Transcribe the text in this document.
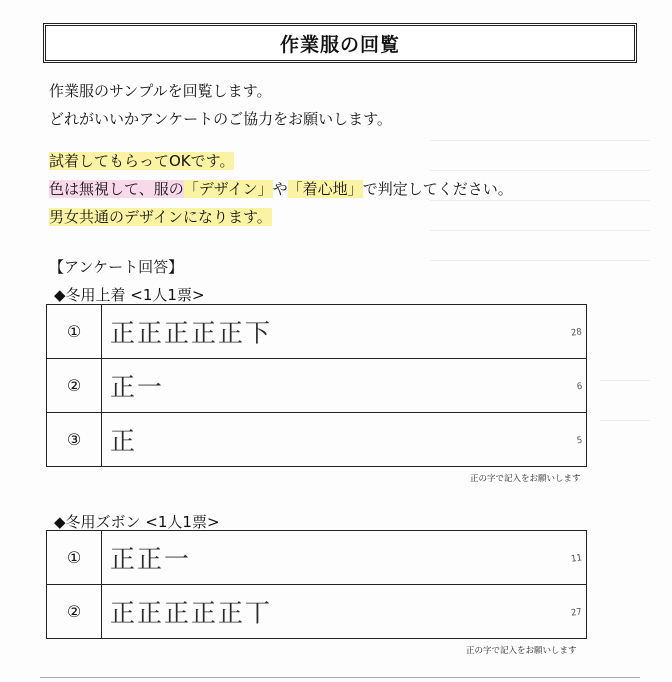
作業服の回覧
作業服のサンプルを回覧します。
どれがいいかアンケートのご協力をお願いします。
試着してもらってOKです。
色は無視して、服の「デザイン」や「着心地」で判定してください。
男女共通のデザインになります。
【アンケート回答】
◆冬用上着 <1人1票>
①	正正正正正下 28

②	正一 6

③	正 5
正の字で記入をお願いします
◆冬用ズボン <1人1票>
①	正正一 11

②	正正正正正丅 27
正の字で記入をお願いします
